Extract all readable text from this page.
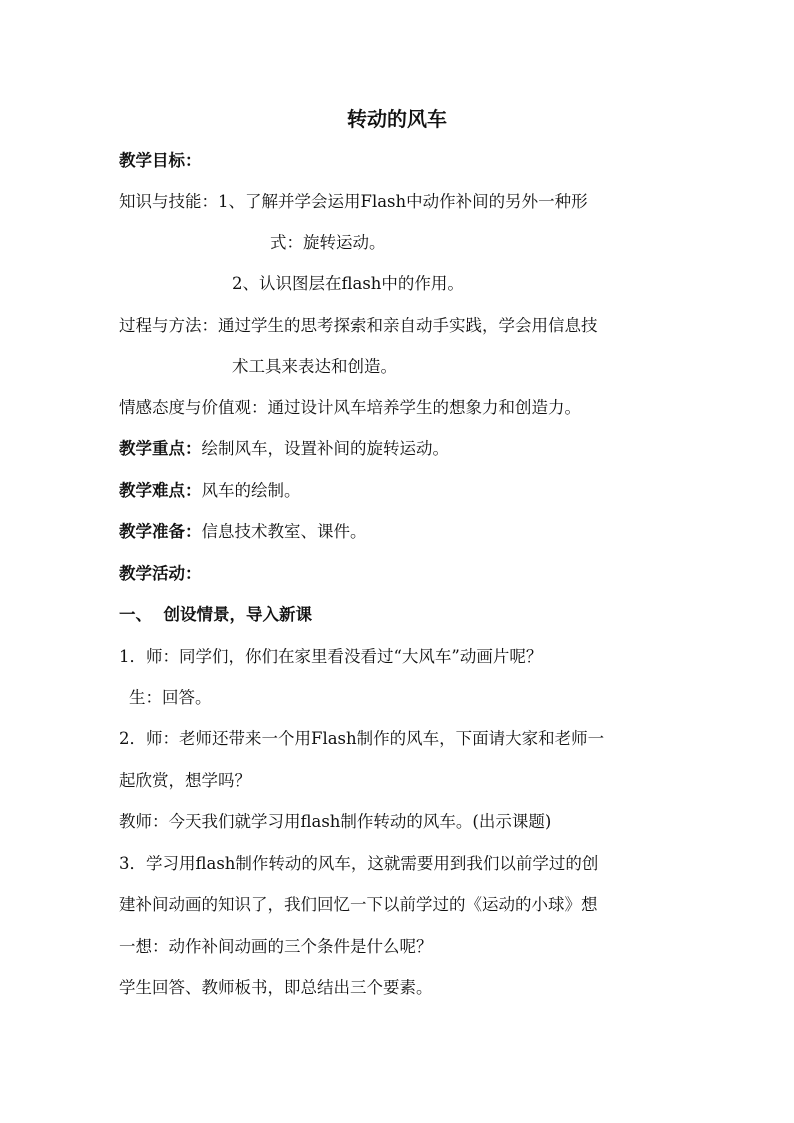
转动的风车
教学目标：
知识与技能：1、了解并学会运用Flash中动作补间的另外一种形
式：旋转运动。
2、认识图层在flash中的作用。
过程与方法：通过学生的思考探索和亲自动手实践，学会用信息技
术工具来表达和创造。
情感态度与价值观：通过设计风车培养学生的想象力和创造力。
教学重点：绘制风车，设置补间的旋转运动。
教学难点：风车的绘制。
教学准备：信息技术教室、课件。
教学活动：
一、  创设情景，导入新课
1．师：同学们，你们在家里看没看过“大风车”动画片呢？
生：回答。
2．师：老师还带来一个用Flash制作的风车，下面请大家和老师一
起欣赏，想学吗？
教师：今天我们就学习用flash制作转动的风车。(出示课题)
3．学习用flash制作转动的风车，这就需要用到我们以前学过的创
建补间动画的知识了，我们回忆一下以前学过的《运动的小球》想
一想：动作补间动画的三个条件是什么呢？
学生回答、教师板书，即总结出三个要素。
